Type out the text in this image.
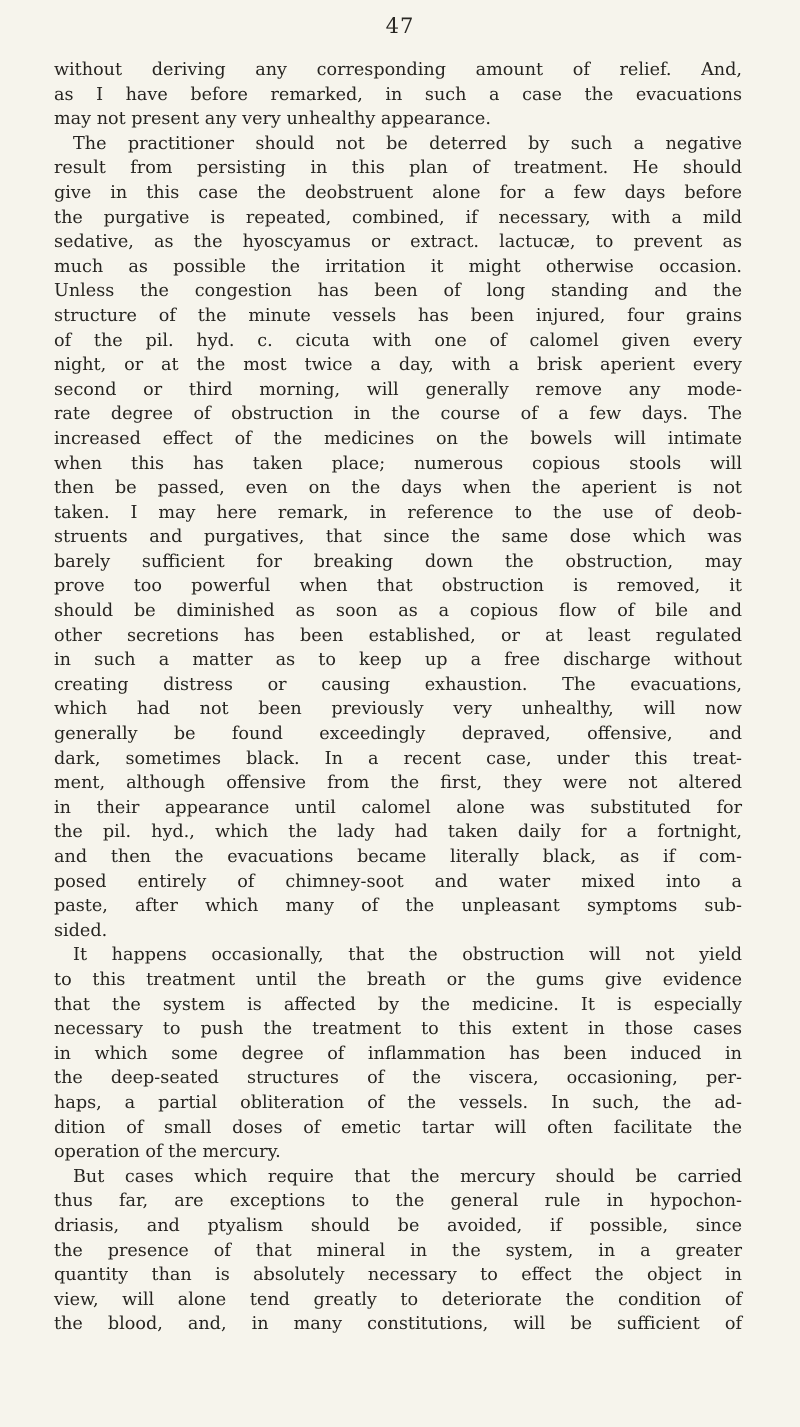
47
without deriving any corresponding amount of relief. And,
as I have before remarked, in such a case the evacuations
may not present any very unhealthy appearance.
The practitioner should not be deterred by such a negative
result from persisting in this plan of treatment. He should
give in this case the deobstruent alone for a few days before
the purgative is repeated, combined, if necessary, with a mild
sedative, as the hyoscyamus or extract. lactucæ, to prevent as
much as possible the irritation it might otherwise occasion.
Unless the congestion has been of long standing and the
structure of the minute vessels has been injured, four grains
of the pil. hyd. c. cicuta with one of calomel given every
night, or at the most twice a day, with a brisk aperient every
second or third morning, will generally remove any mode-
rate degree of obstruction in the course of a few days. The
increased effect of the medicines on the bowels will intimate
when this has taken place; numerous copious stools will
then be passed, even on the days when the aperient is not
taken. I may here remark, in reference to the use of deob-
struents and purgatives, that since the same dose which was
barely sufficient for breaking down the obstruction, may
prove too powerful when that obstruction is removed, it
should be diminished as soon as a copious flow of bile and
other secretions has been established, or at least regulated
in such a matter as to keep up a free discharge without
creating distress or causing exhaustion. The evacuations,
which had not been previously very unhealthy, will now
generally be found exceedingly depraved, offensive, and
dark, sometimes black. In a recent case, under this treat-
ment, although offensive from the first, they were not altered
in their appearance until calomel alone was substituted for
the pil. hyd., which the lady had taken daily for a fortnight,
and then the evacuations became literally black, as if com-
posed entirely of chimney-soot and water mixed into a
paste, after which many of the unpleasant symptoms sub-
sided.
It happens occasionally, that the obstruction will not yield
to this treatment until the breath or the gums give evidence
that the system is affected by the medicine. It is especially
necessary to push the treatment to this extent in those cases
in which some degree of inflammation has been induced in
the deep-seated structures of the viscera, occasioning, per-
haps, a partial obliteration of the vessels. In such, the ad-
dition of small doses of emetic tartar will often facilitate the
operation of the mercury.
But cases which require that the mercury should be carried
thus far, are exceptions to the general rule in hypochon-
driasis, and ptyalism should be avoided, if possible, since
the presence of that mineral in the system, in a greater
quantity than is absolutely necessary to effect the object in
view, will alone tend greatly to deteriorate the condition of
the blood, and, in many constitutions, will be sufficient of
